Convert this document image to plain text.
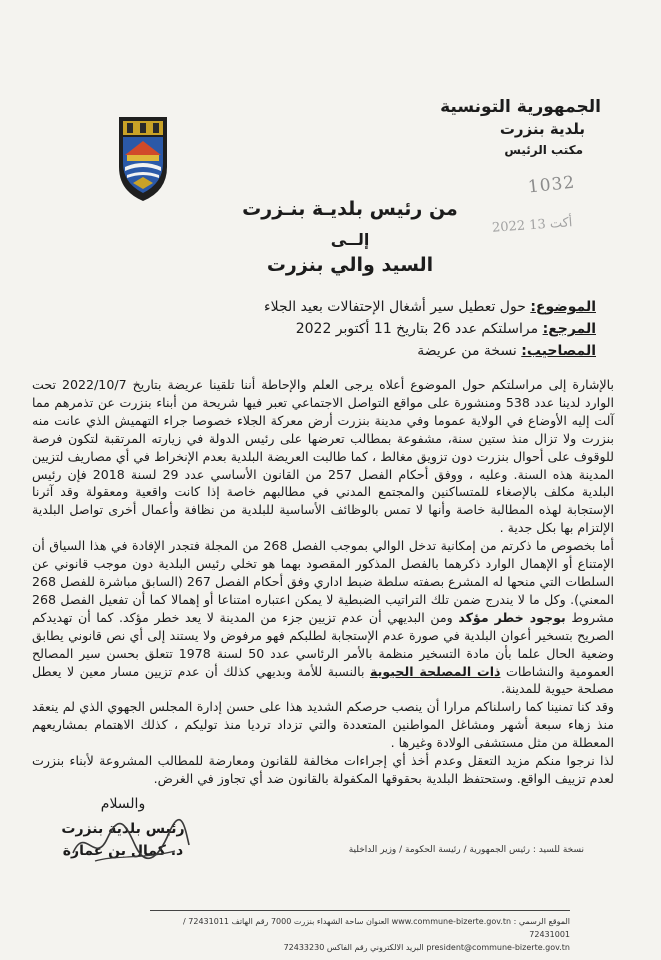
الجمهورية التونسية
بلدية بنزرت
مكتب الرئيس
1032
2022 أكت 13
من رئيس بلديـة بنـزرت
إلــى
السيد والي بنزرت
الموضوع: حول تعطيل سير أشغال الإحتفالات بعيد الجلاء
المرجع: مراسلتكم عدد 26 بتاريخ 11 أكتوبر 2022
المصاحيب: نسخة من عريضة

بالإشارة إلى مراسلتكم حول الموضوع أعلاه يرجى العلم والإحاطة أننا تلقينا عريضة بتاريخ 2022/10/7 تحت الوارد لدينا عدد 538 ومنشورة على مواقع التواصل الاجتماعي تعبر فيها شريحة من أبناء بنزرت عن تذمرهم مما آلت إليه الأوضاع في الولاية عموما وفي مدينة بنزرت أرض معركة الجلاء خصوصا جراء التهميش الذي عانت منه بنزرت ولا تزال منذ ستين سنة، مشفوعة بمطالب تعرضها على رئيس الدولة في زيارته المرتقبة لتكون فرصة للوقوف على أحوال بنزرت دون تزويق مغالط ، كما طالبت العريضة البلدية بعدم الإنخراط في أي مصاريف لتزيين المدينة هذه السنة. وعليه ، ووفق أحكام الفصل 257 من القانون الأساسي عدد 29 لسنة 2018 فإن رئيس البلدية مكلف بالإصغاء للمتساكنين والمجتمع المدني في مطالبهم خاصة إذا كانت واقعية ومعقولة وقد آثرنا الإستجابة لهذه المطالبة خاصة وأنها لا تمس بالوظائف الأساسية للبلدية من نظافة وأعمال أخرى تواصل البلدية الإلتزام بها بكل جدية .

أما بخصوص ما ذكرتم من إمكانية تدخل الوالي بموجب الفصل 268 من المجلة فتجدر الإفادة في هذا السياق أن الإمتناع أو الإهمال الوارد ذكرهما بالفصل المذكور المقصود بهما هو تخلي رئيس البلدية دون موجب قانوني عن السلطات التي منحها له المشرع بصفته سلطة ضبط اداري وفق أحكام الفصل 267 (السابق مباشرة للفصل 268 المعني). وكل ما لا يندرج ضمن تلك التراتيب الضبطية لا يمكن اعتباره امتناعا أو إهمالا كما أن تفعيل الفصل 268 مشروط بوجود خطر مؤكد ومن البديهي أن عدم تزيين جزء من المدينة لا يعد خطر مؤكد. كما أن تهديدكم الصريح بتسخير أعوان البلدية في صورة عدم الإستجابة لطلبكم فهو مرفوض ولا يستند إلى أي نص قانوني يطابق وضعية الحال علما بأن مادة التسخير منظمة بالأمر الرئاسي عدد 50 لسنة 1978 تتعلق بحسن سير المصالح العمومية والنشاطات ذات المصلحة الحيوية بالنسبة للأمة وبديهي كذلك أن عدم تزيين مسار معين لا يعطل مصلحة حيوية للمدينة.

وقد كنا تمنينا كما راسلناكم مرارا أن ينصب حرصكم الشديد هذا على حسن إدارة المجلس الجهوي الذي لم ينعقد منذ زهاء سبعة أشهر ومشاغل المواطنين المتعددة والتي تزداد ترديا منذ توليكم ، كذلك الاهتمام بمشاريعهم المعطلة من مثل مستشفى الولادة وغيرها .

لذا نرجوا منكم مزيد التعقل وعدم أخذ أي إجراءات مخالفة للقانون ومعارضة للمطالب المشروعة لأبناء بنزرت لعدم تزييف الواقع. وستحتفظ البلدية بحقوقها المكفولة بالقانون ضد أي تجاوز في الغرض.

والسلام
رئيس بلدية بنزرت
د. كمال بن عمارة	نسخة للسيد : رئيس الجمهورية / رئيسة الحكومة / وزير الداخلية
الموقع الرسمي : www.commune-bizerte.gov.tn العنوان ساحة الشهداء بنزرت 7000 رقم الهاتف 72431011 / 72431001
president@commune-bizerte.gov.tn البريد الالكتروني رقم الفاكس 72433230
